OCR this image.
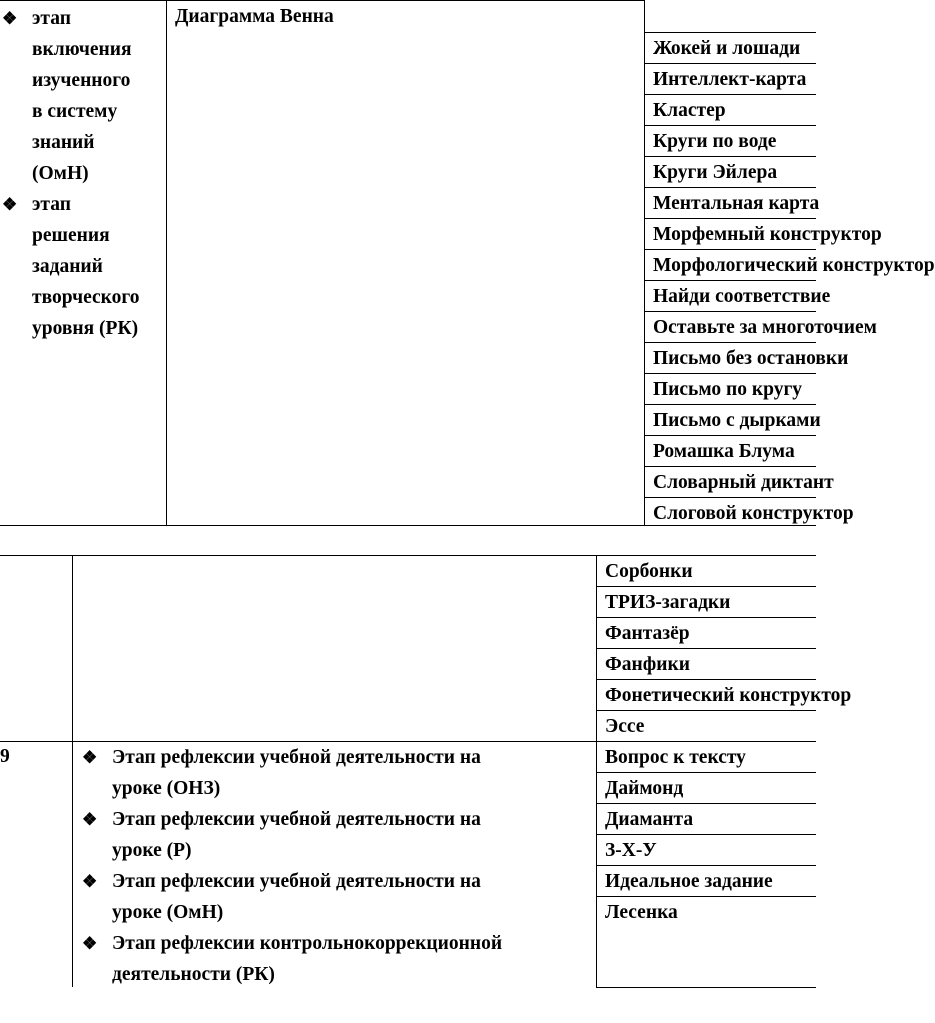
❖ этап
включения
изученного
в систему
знаний
(ОмН)
❖ этап
решения
заданий
творческого
уровня (РК)
Диаграмма Венна
Жокей и лошади
Интеллект-карта
Кластер
Круги по воде
Круги Эйлера
Ментальная карта
Морфемный конструктор
Морфологический конструктор
Найди соответствие
Оставьте за многоточием
Письмо без остановки
Письмо по кругу
Письмо с дырками
Ромашка Блума
Словарный диктант
Слоговой конструктор
9	❖ Этап рефлексии учебной деятельности на
уроке (ОНЗ)
❖ Этап рефлексии учебной деятельности на
уроке (Р)
❖ Этап рефлексии учебной деятельности на
уроке (ОмН)
❖ Этап рефлексии контрольнокоррекционной
деятельности (РК)
Сорбонки
ТРИЗ-загадки
Фантазёр
Фанфики
Фонетический конструктор
Эссе
Вопрос к тексту
Даймонд
Диаманта
З-Х-У
Идеальное задание
Лесенка
